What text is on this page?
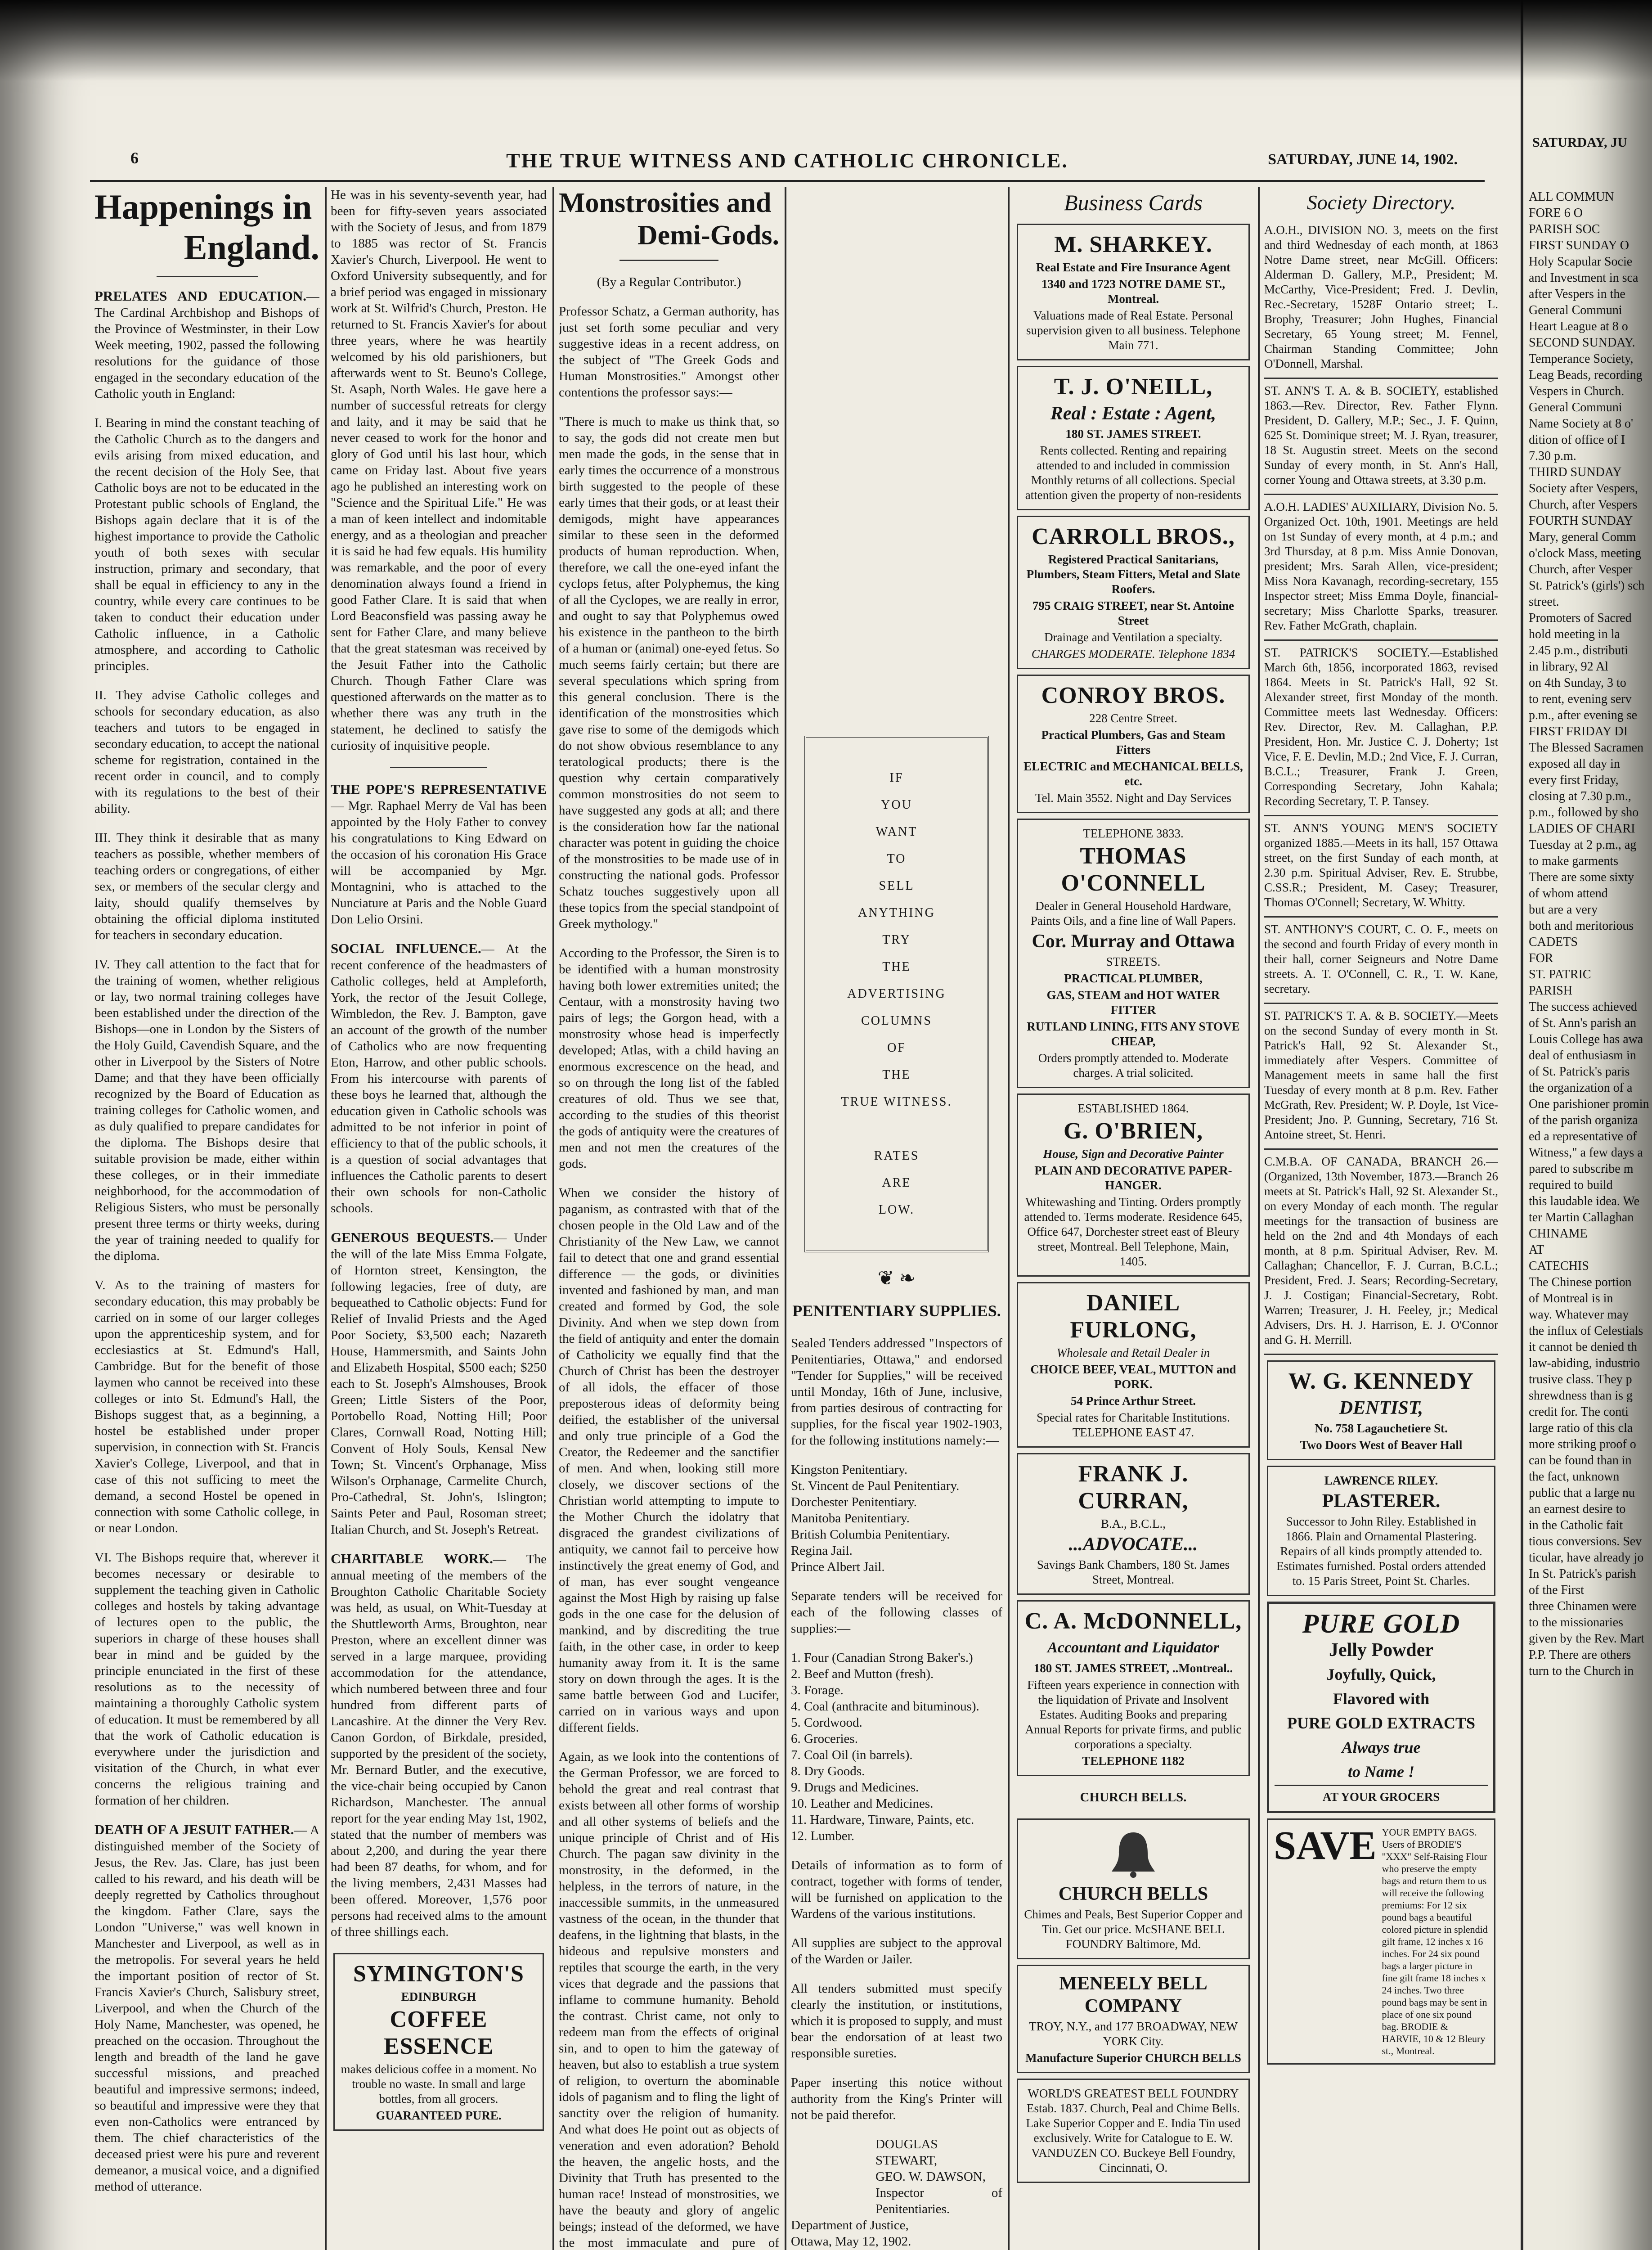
6	THE TRUE WITNESS AND CATHOLIC CHRONICLE.	SATURDAY, JUNE 14, 1902.
Happenings in
England.

PRELATES AND EDUCATION.— The Cardinal Archbishop and Bishops of the Province of Westminster, in their Low Week meeting, 1902, passed the following resolutions for the guidance of those engaged in the secondary education of the Catholic youth in England:

I. Bearing in mind the constant teaching of the Catholic Church as to the dangers and evils arising from mixed education, and the recent decision of the Holy See, that Catholic boys are not to be educated in the Protestant public schools of England, the Bishops again declare that it is of the highest importance to provide the Catholic youth of both sexes with secular instruction, primary and secondary, that shall be equal in efficiency to any in the country, while every care continues to be taken to conduct their education under Catholic influence, in a Catholic atmosphere, and according to Catholic principles.

II. They advise Catholic colleges and schools for secondary education, as also teachers and tutors to be engaged in secondary education, to accept the national scheme for registration, contained in the recent order in council, and to comply with its regulations to the best of their ability.

III. They think it desirable that as many teachers as possible, whether members of teaching orders or congregations, of either sex, or members of the secular clergy and laity, should qualify themselves by obtaining the official diploma instituted for teachers in secondary education.

IV. They call attention to the fact that for the training of women, whether religious or lay, two normal training colleges have been established under the direction of the Bishops—one in London by the Sisters of the Holy Guild, Cavendish Square, and the other in Liverpool by the Sisters of Notre Dame; and that they have been officially recognized by the Board of Education as training colleges for Catholic women, and as duly qualified to prepare candidates for the diploma. The Bishops desire that suitable provision be made, either within these colleges, or in their immediate neighborhood, for the accommodation of Religious Sisters, who must be personally present three terms or thirty weeks, during the year of training needed to qualify for the diploma.

V. As to the training of masters for secondary education, this may probably be carried on in some of our larger colleges upon the apprenticeship system, and for ecclesiastics at St. Edmund's Hall, Cambridge. But for the benefit of those laymen who cannot be received into these colleges or into St. Edmund's Hall, the Bishops suggest that, as a beginning, a hostel be established under proper supervision, in connection with St. Francis Xavier's College, Liverpool, and that in case of this not sufficing to meet the demand, a second Hostel be opened in connection with some Catholic college, in or near London.

VI. The Bishops require that, wherever it becomes necessary or desirable to supplement the teaching given in Catholic colleges and hostels by taking advantage of lectures open to the public, the superiors in charge of these houses shall bear in mind and be guided by the principle enunciated in the first of these resolutions as to the necessity of maintaining a thoroughly Catholic system of education. It must be remembered by all that the work of Catholic education is everywhere under the jurisdiction and visitation of the Church, in what ever concerns the religious training and formation of her children.

DEATH OF A JESUIT FATHER.— A distinguished member of the Society of Jesus, the Rev. Jas. Clare, has just been called to his reward, and his death will be deeply regretted by Catholics throughout the kingdom. Father Clare, says the London "Universe," was well known in Manchester and Liverpool, as well as in the metropolis. For several years he held the important position of rector of St. Francis Xavier's Church, Salisbury street, Liverpool, and when the Church of the Holy Name, Manchester, was opened, he preached on the occasion. Throughout the length and breadth of the land he gave successful missions, and preached beautiful and impressive sermons; indeed, so beautiful and impressive were they that even non-Catholics were entranced by them. The chief characteristics of the deceased priest were his pure and reverent demeanor, a musical voice, and a dignified method of utterance.

He was in his seventy-seventh year, had been for fifty-seven years associated with the Society of Jesus, and from 1879 to 1885 was rector of St. Francis Xavier's Church, Liverpool. He went to Oxford University subsequently, and for a brief period was engaged in missionary work at St. Wilfrid's Church, Preston. He returned to St. Francis Xavier's for about three years, where he was heartily welcomed by his old parishioners, but afterwards went to St. Beuno's College, St. Asaph, North Wales. He gave here a number of successful retreats for clergy and laity, and it may be said that he never ceased to work for the honor and glory of God until his last hour, which came on Friday last. About five years ago he published an interesting work on "Science and the Spiritual Life." He was a man of keen intellect and indomitable energy, and as a theologian and preacher it is said he had few equals. His humility was remarkable, and the poor of every denomination always found a friend in good Father Clare. It is said that when Lord Beaconsfield was passing away he sent for Father Clare, and many believe that the great statesman was received by the Jesuit Father into the Catholic Church. Though Father Clare was questioned afterwards on the matter as to whether there was any truth in the statement, he declined to satisfy the curiosity of inquisitive people.

THE POPE'S REPRESENTATIVE— Mgr. Raphael Merry de Val has been appointed by the Holy Father to convey his congratulations to King Edward on the occasion of his coronation His Grace will be accompanied by Mgr. Montagnini, who is attached to the Nunciature at Paris and the Noble Guard Don Lelio Orsini.

SOCIAL INFLUENCE.— At the recent conference of the headmasters of Catholic colleges, held at Ampleforth, York, the rector of the Jesuit College, Wimbledon, the Rev. J. Bampton, gave an account of the growth of the number of Catholics who are now frequenting Eton, Harrow, and other public schools. From his intercourse with parents of these boys he learned that, although the education given in Catholic schools was admitted to be not inferior in point of efficiency to that of the public schools, it is a question of social advantages that influences the Catholic parents to desert their own schools for non-Catholic schools.

GENEROUS BEQUESTS.— Under the will of the late Miss Emma Folgate, of Hornton street, Kensington, the following legacies, free of duty, are bequeathed to Catholic objects: Fund for Relief of Invalid Priests and the Aged Poor Society, $3,500 each; Nazareth House, Hammersmith, and Saints John and Elizabeth Hospital, $500 each; $250 each to St. Joseph's Almshouses, Brook Green; Little Sisters of the Poor, Portobello Road, Notting Hill; Poor Clares, Cornwall Road, Notting Hill; Convent of Holy Souls, Kensal New Town; St. Vincent's Orphanage, Miss Wilson's Orphanage, Carmelite Church, Pro-Cathedral, St. John's, Islington; Saints Peter and Paul, Rosoman street; Italian Church, and St. Joseph's Retreat.

CHARITABLE WORK.— The annual meeting of the members of the Broughton Catholic Charitable Society was held, as usual, on Whit-Tuesday at the Shuttleworth Arms, Broughton, near Preston, where an excellent dinner was served in a large marquee, providing accommodation for the attendance, which numbered between three and four hundred from different parts of Lancashire. At the dinner the Very Rev. Canon Gordon, of Birkdale, presided, supported by the president of the society, Mr. Bernard Butler, and the executive, the vice-chair being occupied by Canon Richardson, Manchester. The annual report for the year ending May 1st, 1902, stated that the number of members was about 2,200, and during the year there had been 87 deaths, for whom, and for the living members, 2,431 Masses had been offered. Moreover, 1,576 poor persons had received alms to the amount of three shillings each.

SYMINGTON'S

EDINBURGH

COFFEE ESSENCE

makes delicious coffee in a moment. No trouble no waste. In small and large bottles, from all grocers.

GUARANTEED PURE.

Monstrosities and
Demi-Gods.

(By a Regular Contributor.)

Professor Schatz, a German authority, has just set forth some peculiar and very suggestive ideas in a recent address, on the subject of "The Greek Gods and Human Monstrosities." Amongst other contentions the professor says:—

"There is much to make us think that, so to say, the gods did not create men but men made the gods, in the sense that in early times the occurrence of a monstrous birth suggested to the people of these early times that their gods, or at least their demigods, might have appearances similar to these seen in the deformed products of human reproduction. When, therefore, we call the one-eyed infant the cyclops fetus, after Polyphemus, the king of all the Cyclopes, we are really in error, and ought to say that Polyphemus owed his existence in the pantheon to the birth of a human or (animal) one-eyed fetus. So much seems fairly certain; but there are several speculations which spring from this general conclusion. There is the identification of the monstrosities which gave rise to some of the demigods which do not show obvious resemblance to any teratological products; there is the question why certain comparatively common monstrosities do not seem to have suggested any gods at all; and there is the consideration how far the national character was potent in guiding the choice of the monstrosities to be made use of in constructing the national gods. Professor Schatz touches suggestively upon all these topics from the special standpoint of Greek mythology."

According to the Professor, the Siren is to be identified with a human monstrosity having both lower extremities united; the Centaur, with a monstrosity having two pairs of legs; the Gorgon head, with a monstrosity whose head is imperfectly developed; Atlas, with a child having an enormous excrescence on the head, and so on through the long list of the fabled creatures of old. Thus we see that, according to the studies of this theorist the gods of antiquity were the creatures of men and not men the creatures of the gods.

When we consider the history of paganism, as contrasted with that of the chosen people in the Old Law and of the Christianity of the New Law, we cannot fail to detect that one and grand essential difference — the gods, or divinities invented and fashioned by man, and man created and formed by God, the sole Divinity. And when we step down from the field of antiquity and enter the domain of Catholicity we equally find that the Church of Christ has been the destroyer of all idols, the effacer of those preposterous ideas of deformity being deified, the establisher of the universal and only true principle of a God the Creator, the Redeemer and the sanctifier of men. And when, looking still more closely, we discover sections of the Christian world attempting to impute to the Mother Church the idolatry that disgraced the grandest civilizations of antiquity, we cannot fail to perceive how instinctively the great enemy of God, and of man, has ever sought vengeance against the Most High by raising up false gods in the one case for the delusion of mankind, and by discrediting the true faith, in the other case, in order to keep humanity away from it. It is the same story on down through the ages. It is the same battle between God and Lucifer, carried on in various ways and upon different fields.

Again, as we look into the contentions of the German Professor, we are forced to behold the great and real contrast that exists between all other forms of worship and all other systems of beliefs and the unique principle of Christ and of His Church. The pagan saw divinity in the monstrosity, in the deformed, in the helpless, in the terrors of nature, in the inaccessible summits, in the unmeasured vastness of the ocean, in the thunder that deafens, in the lightning that blasts, in the hideous and repulsive monsters and reptiles that scourge the earth, in the very vices that degrade and the passions that inflame to commune humanity. Behold the contrast. Christ came, not only to redeem man from the effects of original sin, and to open to him the gateway of heaven, but also to establish a true system of religion, to overturn the abominable idols of paganism and to fling the light of sanctity over the religion of humanity. And what does He point out as objects of veneration and even adoration? Behold the heaven, the angelic hosts, and the Divinity that Truth has presented to the human race! Instead of monstrosities, we have the beauty and glory of angelic beings; instead of the deformed, we have the most immaculate and pure of

IF
YOU
WANT
TO
SELL
ANYTHING
TRY
THE
ADVERTISING
COLUMNS
OF
THE
TRUE WITNESS.
RATES
ARE
LOW.
❦ ❧

PENITENTIARY SUPPLIES.

Sealed Tenders addressed "Inspectors of Penitentiaries, Ottawa," and endorsed "Tender for Supplies," will be received until Monday, 16th of June, inclusive, from parties desirous of contracting for supplies, for the fiscal year 1902-1903, for the following institutions namely:—

Kingston Penitentiary.
St. Vincent de Paul Penitentiary.
Dorchester Penitentiary.
Manitoba Penitentiary.
British Columbia Penitentiary.
Regina Jail.
Prince Albert Jail.

Separate tenders will be received for each of the following classes of supplies:—

1. Four (Canadian Strong Baker's.)
2. Beef and Mutton (fresh).
3. Forage.
4. Coal (anthracite and bituminous).
5. Cordwood.
6. Groceries.
7. Coal Oil (in barrels).
8. Dry Goods.
9. Drugs and Medicines.
10. Leather and Medicines.
11. Hardware, Tinware, Paints, etc.
12. Lumber.

Details of information as to form of contract, together with forms of tender, will be furnished on application to the Wardens of the various institutions.

All supplies are subject to the approval of the Warden or Jailer.

All tenders submitted must specify clearly the institution, or institutions, which it is proposed to supply, and must bear the endorsation of at least two responsible sureties.

Paper inserting this notice without authority from the King's Printer will not be paid therefor.

DOUGLAS STEWART,
GEO. W. DAWSON,
Inspector of Penitentiaries.
Department of Justice,
Ottawa, May 12, 1902.
Business Cards
M. SHARKEY.

Real Estate and Fire Insurance Agent

1340 and 1723 NOTRE DAME ST., Montreal.

Valuations made of Real Estate. Personal supervision given to all business. Telephone Main 771.

T. J. O'NEILL,
Real : Estate : Agent,

180 ST. JAMES STREET.

Rents collected. Renting and repairing attended to and included in commission Monthly returns of all collections. Special attention given the property of non-residents

CARROLL BROS.,

Registered Practical Sanitarians, Plumbers, Steam Fitters, Metal and Slate Roofers.

795 CRAIG STREET, near St. Antoine Street

Drainage and Ventilation a specialty.

CHARGES MODERATE. Telephone 1834

CONROY BROS.

228 Centre Street.

Practical Plumbers, Gas and Steam Fitters

ELECTRIC and MECHANICAL BELLS, etc.

Tel. Main 3552. Night and Day Services

TELEPHONE 3833.

THOMAS O'CONNELL

Dealer in General Household Hardware, Paints Oils, and a fine line of Wall Papers.

Cor. Murray and Ottawa

STREETS.

PRACTICAL PLUMBER,

GAS, STEAM and HOT WATER FITTER

RUTLAND LINING, FITS ANY STOVE CHEAP,

Orders promptly attended to. Moderate charges. A trial solicited.

ESTABLISHED 1864.

G. O'BRIEN,

House, Sign and Decorative Painter

PLAIN AND DECORATIVE PAPER-HANGER.

Whitewashing and Tinting. Orders promptly attended to. Terms moderate. Residence 645, Office 647, Dorchester street east of Bleury street, Montreal. Bell Telephone, Main, 1405.

DANIEL FURLONG,

Wholesale and Retail Dealer in

CHOICE BEEF, VEAL, MUTTON and PORK.

54 Prince Arthur Street.

Special rates for Charitable Institutions. TELEPHONE EAST 47.

FRANK J. CURRAN,

B.A., B.C.L.,

...ADVOCATE...

Savings Bank Chambers, 180 St. James Street, Montreal.

C. A. McDONNELL,
Accountant and Liquidator

180 ST. JAMES STREET, ..Montreal..

Fifteen years experience in connection with the liquidation of Private and Insolvent Estates. Auditing Books and preparing Annual Reports for private firms, and public corporations a specialty.

TELEPHONE 1182

CHURCH BELLS.

CHURCH BELLS

Chimes and Peals, Best Superior Copper and Tin. Get our price. McSHANE BELL FOUNDRY Baltimore, Md.

MENEELY BELL COMPANY

TROY, N.Y., and 177 BROADWAY, NEW YORK City.

Manufacture Superior CHURCH BELLS

WORLD'S GREATEST BELL FOUNDRY Estab. 1837. Church, Peal and Chime Bells. Lake Superior Copper and E. India Tin used exclusively. Write for Catalogue to E. W. VANDUZEN CO. Buckeye Bell Foundry, Cincinnati, O.

Society Directory.
A.O.H., DIVISION NO. 3, meets on the first and third Wednesday of each month, at 1863 Notre Dame street, near McGill. Officers: Alderman D. Gallery, M.P., President; M. McCarthy, Vice-President; Fred. J. Devlin, Rec.-Secretary, 1528F Ontario street; L. Brophy, Treasurer; John Hughes, Financial Secretary, 65 Young street; M. Fennel, Chairman Standing Committee; John O'Donnell, Marshal.
ST. ANN'S T. A. & B. SOCIETY, established 1863.—Rev. Director, Rev. Father Flynn. President, D. Gallery, M.P.; Sec., J. F. Quinn, 625 St. Dominique street; M. J. Ryan, treasurer, 18 St. Augustin street. Meets on the second Sunday of every month, in St. Ann's Hall, corner Young and Ottawa streets, at 3.30 p.m.
A.O.H. LADIES' AUXILIARY, Division No. 5. Organized Oct. 10th, 1901. Meetings are held on 1st Sunday of every month, at 4 p.m.; and 3rd Thursday, at 8 p.m. Miss Annie Donovan, president; Mrs. Sarah Allen, vice-president; Miss Nora Kavanagh, recording-secretary, 155 Inspector street; Miss Emma Doyle, financial-secretary; Miss Charlotte Sparks, treasurer. Rev. Father McGrath, chaplain.
ST. PATRICK'S SOCIETY.—Established March 6th, 1856, incorporated 1863, revised 1864. Meets in St. Patrick's Hall, 92 St. Alexander street, first Monday of the month. Committee meets last Wednesday. Officers: Rev. Director, Rev. M. Callaghan, P.P. President, Hon. Mr. Justice C. J. Doherty; 1st Vice, F. E. Devlin, M.D.; 2nd Vice, F. J. Curran, B.C.L.; Treasurer, Frank J. Green, Corresponding Secretary, John Kahala; Recording Secretary, T. P. Tansey.
ST. ANN'S YOUNG MEN'S SOCIETY organized 1885.—Meets in its hall, 157 Ottawa street, on the first Sunday of each month, at 2.30 p.m. Spiritual Adviser, Rev. E. Strubbe, C.SS.R.; President, M. Casey; Treasurer, Thomas O'Connell; Secretary, W. Whitty.
ST. ANTHONY'S COURT, C. O. F., meets on the second and fourth Friday of every month in their hall, corner Seigneurs and Notre Dame streets. A. T. O'Connell, C. R., T. W. Kane, secretary.
ST. PATRICK'S T. A. & B. SOCIETY.—Meets on the second Sunday of every month in St. Patrick's Hall, 92 St. Alexander St., immediately after Vespers. Committee of Management meets in same hall the first Tuesday of every month at 8 p.m. Rev. Father McGrath, Rev. President; W. P. Doyle, 1st Vice-President; Jno. P. Gunning, Secretary, 716 St. Antoine street, St. Henri.
C.M.B.A. OF CANADA, BRANCH 26.—(Organized, 13th November, 1873.—Branch 26 meets at St. Patrick's Hall, 92 St. Alexander St., on every Monday of each month. The regular meetings for the transaction of business are held on the 2nd and 4th Mondays of each month, at 8 p.m. Spiritual Adviser, Rev. M. Callaghan; Chancellor, F. J. Curran, B.C.L.; President, Fred. J. Sears; Recording-Secretary, J. J. Costigan; Financial-Secretary, Robt. Warren; Treasurer, J. H. Feeley, jr.; Medical Advisers, Drs. H. J. Harrison, E. J. O'Connor and G. H. Merrill.
W. G. KENNEDY
DENTIST,

No. 758 Lagauchetiere St.

Two Doors West of Beaver Hall

LAWRENCE RILEY.

PLASTERER.

Successor to John Riley. Established in 1866. Plain and Ornamental Plastering. Repairs of all kinds promptly attended to. Estimates furnished. Postal orders attended to. 15 Paris Street, Point St. Charles.

PURE GOLD
Jelly Powder
Joyfully, Quick,
Flavored with
PURE GOLD EXTRACTS
Always true
to Name !

AT YOUR GROCERS

SAVE YOUR EMPTY BAGS. Users of BRODIE'S "XXX" Self-Raising Flour who preserve the empty bags and return them to us will receive the following premiums: For 12 six pound bags a beautiful colored picture in splendid gilt frame, 12 inches x 16 inches. For 24 six pound bags a larger picture in fine gilt frame 18 inches x 24 inches. Two three pound bags may be sent in place of one six pound bag. BRODIE & HARVIE, 10 & 12 Bleury st., Montreal.

SATURDAY, JU
ALL COMMUN
FORE 6 O
PARISH SOC
FIRST SUNDAY O
Holy Scapular Socie
and Investment in sca
after Vespers in the
General Communi
Heart League at 8 o
SECOND SUNDAY.
Temperance Society,
Leag Beads, recording
Vespers in Church.
General Communi
Name Society at 8 o'
dition of office of I
7.30 p.m.
THIRD SUNDAY
Society after Vespers,
Church, after Vespers
FOURTH SUNDAY
Mary, general Comm
o'clock Mass, meeting
Church, after Vesper
St. Patrick's (girls') sch
street.
Promoters of Sacred
hold meeting in la
2.45 p.m., distributi
in library, 92 Al
on 4th Sunday, 3 to
to rent, evening serv
p.m., after evening se
FIRST FRIDAY DI
The Blessed Sacramen
exposed all day in
every first Friday,
closing at 7.30 p.m.,
p.m., followed by sho
LADIES OF CHARI
Tuesday at 2 p.m., ag
to make garments
There are some sixty
of whom attend
but are a very
both and meritorious
CADETS
FOR
ST. PATRIC
PARISH
The success achieved
of St. Ann's parish an
Louis College has awa
deal of enthusiasm in
of St. Patrick's paris
the organization of a
One parishioner promin
of the parish organiza
ed a representative of
Witness," a few days a
pared to subscribe m
required to build
this laudable idea. We
ter Martin Callaghan
CHINAME
AT
CATECHIS
The Chinese portion
of Montreal is in
way. Whatever may
the influx of Celestials
it cannot be denied th
law-abiding, industrio
trusive class. They p
shrewdness than is g
credit for. The conti
large ratio of this cla
more striking proof o
can be found than in
the fact, unknown
public that a large nu
an earnest desire to
in the Catholic fait
tious conversions. Sev
ticular, have already jo
In St. Patrick's parish
of the First
three Chinamen were
to the missionaries
given by the Rev. Mart
P.P. There are others
turn to the Church in
